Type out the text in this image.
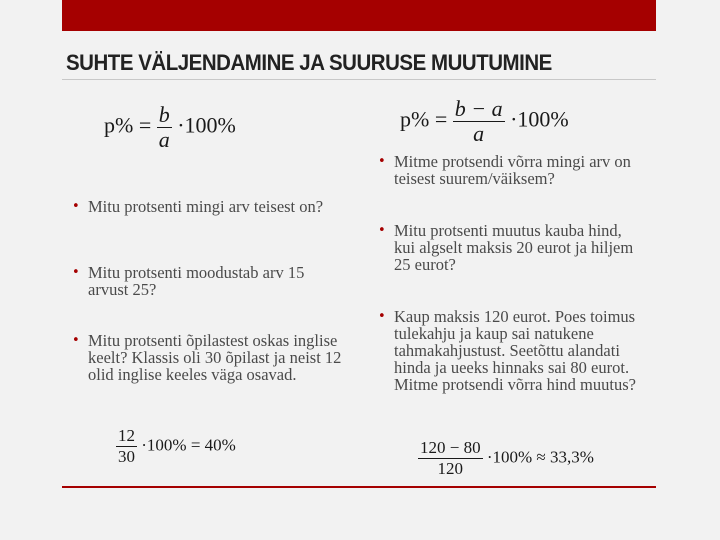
SUHTE VÄLJENDAMINE JA SUURUSE MUUTUMINE
$p\% = \frac{b}{a} \cdot 100\%$	$p\% = \frac{b - a}{a} \cdot 100\%$
• Mitu protsenti mingi arv teisest on?
• Mitu protsenti moodustab arv 15 arvust 25?
• Mitu protsenti õpilastest oskas inglise keelt? Klassis oli 30 õpilast ja neist 12 olid inglise keeles väga osavad.
$\frac{12}{30} \cdot 100\% = 40\%$
• Mitme protsendi võrra mingi arv on teisest suurem/väiksem?
• Mitu protsenti muutus kauba hind, kui algselt maksis 20 eurot ja hiljem 25 eurot?
• Kaup maksis 120 eurot. Poes toimus tulekahju ja kaup sai natukene tahmakahjustust. Seetõttu alandati hinda ja ueeks hinnaks sai 80 eurot. Mitme protsendi võrra hind muutus?
$\frac{120 - 80}{120} \cdot 100\% \approx 33,3\%$
